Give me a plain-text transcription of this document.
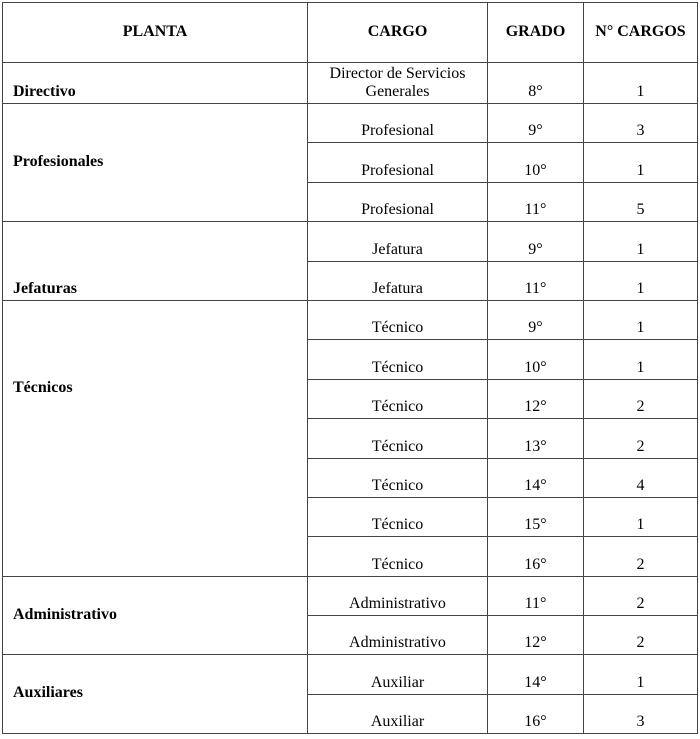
PLANTA	CARGO	GRADO	N° CARGOS
Directivo	Director de Servicios Generales	8°	1
Profesionales	Profesional	9°	3
	Profesional	10°	1
	Profesional	11°	5
Jefaturas	Jefatura	9°	1
	Jefatura	11°	1
Técnicos	Técnico	9°	1
	Técnico	10°	1
	Técnico	12°	2
	Técnico	13°	2
	Técnico	14°	4
	Técnico	15°	1
	Técnico	16°	2
Administrativo	Administrativo	11°	2
	Administrativo	12°	2
Auxiliares	Auxiliar	14°	1
	Auxiliar	16°	3
